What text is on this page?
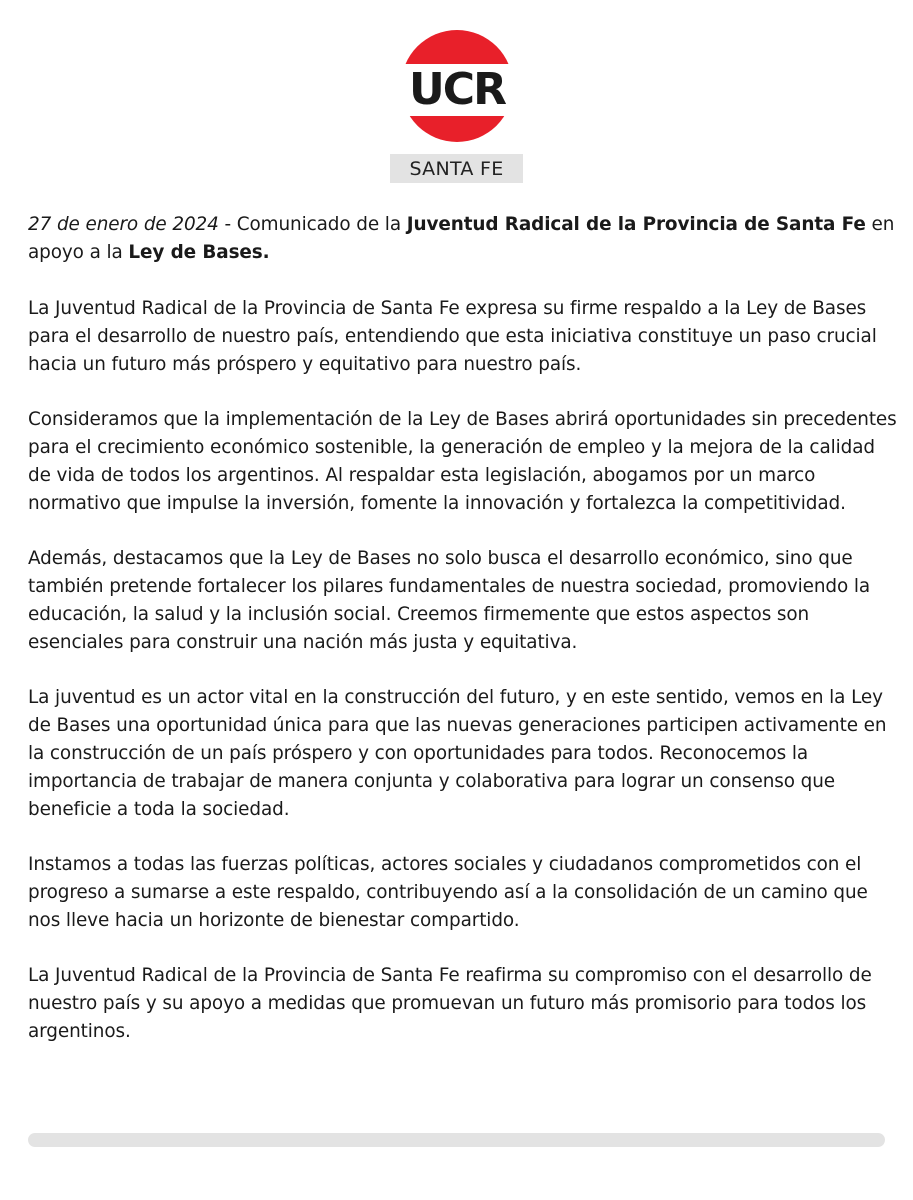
UCR
SANTA FE

27 de enero de 2024 - Comunicado de la Juventud Radical de la Provincia de Santa Fe en apoyo a la Ley de Bases.

La Juventud Radical de la Provincia de Santa Fe expresa su firme respaldo a la Ley de Bases para el desarrollo de nuestro país, entendiendo que esta iniciativa constituye un paso crucial hacia un futuro más próspero y equitativo para nuestro país.

Consideramos que la implementación de la Ley de Bases abrirá oportunidades sin precedentes para el crecimiento económico sostenible, la generación de empleo y la mejora de la calidad de vida de todos los argentinos. Al respaldar esta legislación, abogamos por un marco normativo que impulse la inversión, fomente la innovación y fortalezca la competitividad.

Además, destacamos que la Ley de Bases no solo busca el desarrollo económico, sino que también pretende fortalecer los pilares fundamentales de nuestra sociedad, promoviendo la educación, la salud y la inclusión social. Creemos firmemente que estos aspectos son esenciales para construir una nación más justa y equitativa.

La juventud es un actor vital en la construcción del futuro, y en este sentido, vemos en la Ley de Bases una oportunidad única para que las nuevas generaciones participen activamente en la construcción de un país próspero y con oportunidades para todos. Reconocemos la importancia de trabajar de manera conjunta y colaborativa para lograr un consenso que beneficie a toda la sociedad.

Instamos a todas las fuerzas políticas, actores sociales y ciudadanos comprometidos con el progreso a sumarse a este respaldo, contribuyendo así a la consolidación de un camino que nos lleve hacia un horizonte de bienestar compartido.

La Juventud Radical de la Provincia de Santa Fe reafirma su compromiso con el desarrollo de nuestro país y su apoyo a medidas que promuevan un futuro más promisorio para todos los argentinos.
